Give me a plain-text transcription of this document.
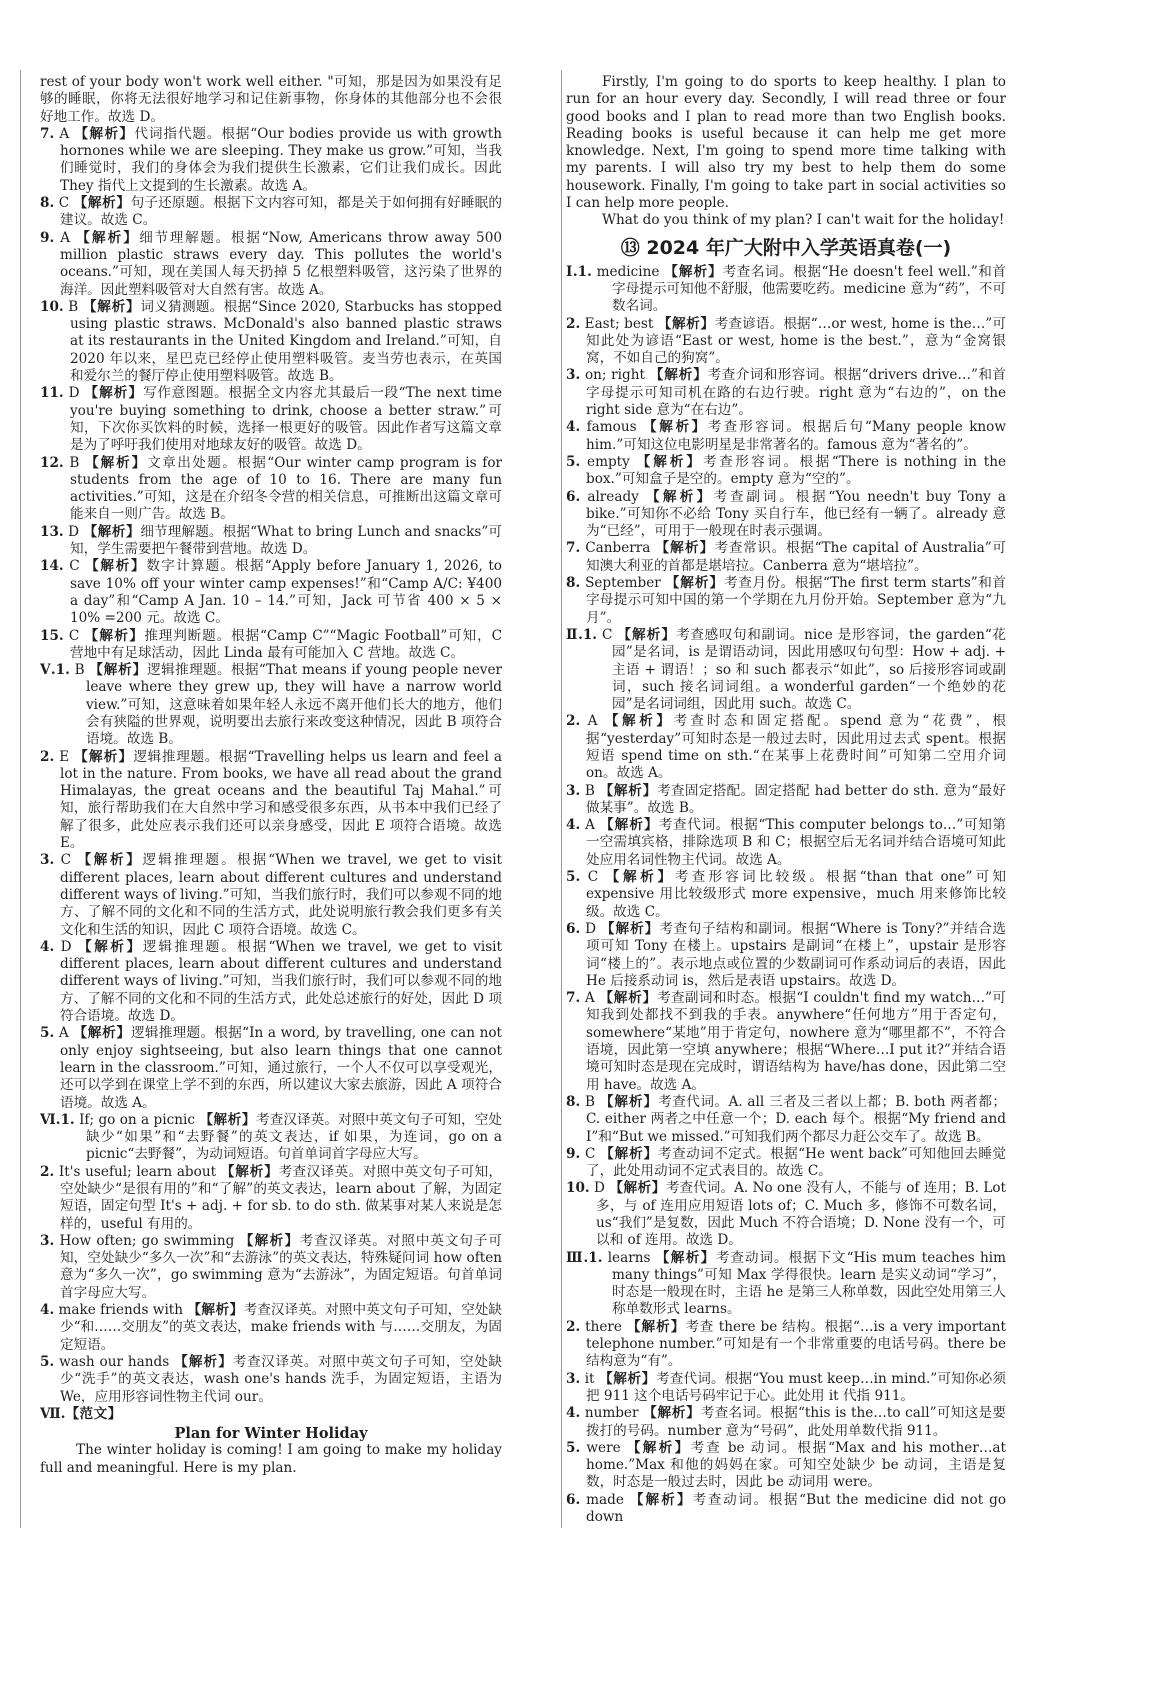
rest of your body won't work well either. "可知，那是因为如果没有足够的睡眠，你将无法很好地学习和记住新事物，你身体的其他部分也不会很好地工作。故选 D。
7. A 【解析】代词指代题。根据“Our bodies provide us with growth hornones while we are sleeping. They make us grow.”可知，当我们睡觉时，我们的身体会为我们提供生长激素，它们让我们成长。因此 They 指代上文提到的生长激素。故选 A。
8. C 【解析】句子还原题。根据下文内容可知，都是关于如何拥有好睡眠的建议。故选 C。
9. A 【解析】细节理解题。根据“Now, Americans throw away 500 million plastic straws every day. This pollutes the world's oceans.”可知，现在美国人每天扔掉 5 亿根塑料吸管，这污染了世界的海洋。因此塑料吸管对大自然有害。故选 A。
10. B 【解析】词义猜测题。根据“Since 2020, Starbucks has stopped using plastic straws. McDonald's also banned plastic straws at its restaurants in the United Kingdom and Ireland.”可知，自 2020 年以来，星巴克已经停止使用塑料吸管。麦当劳也表示，在英国和爱尔兰的餐厅停止使用塑料吸管。故选 B。
11. D 【解析】写作意图题。根据全文内容尤其最后一段“The next time you're buying something to drink, choose a better straw.”可知，下次你买饮料的时候，选择一根更好的吸管。因此作者写这篇文章是为了呼吁我们使用对地球友好的吸管。故选 D。
12. B 【解析】文章出处题。根据“Our winter camp program is for students from the age of 10 to 16. There are many fun activities.”可知，这是在介绍冬令营的相关信息，可推断出这篇文章可能来自一则广告。故选 B。
13. D 【解析】细节理解题。根据“What to bring Lunch and snacks”可知，学生需要把午餐带到营地。故选 D。
14. C 【解析】数字计算题。根据“Apply before January 1, 2026, to save 10% off your winter camp expenses!”和“Camp A/C: ¥400 a day”和“Camp A Jan. 10 – 14.”可知，Jack 可节省 400 × 5 × 10% =200 元。故选 C。
15. C 【解析】推理判断题。根据“Camp C”“Magic Football”可知，C 营地中有足球活动，因此 Linda 最有可能加入 C 营地。故选 C。
Ⅴ.1. B 【解析】逻辑推理题。根据“That means if young people never leave where they grew up, they will have a narrow world view.”可知，这意味着如果年轻人永远不离开他们长大的地方，他们会有狭隘的世界观，说明要出去旅行来改变这种情况，因此 B 项符合语境。故选 B。
2. E 【解析】逻辑推理题。根据“Travelling helps us learn and feel a lot in the nature. From books, we have all read about the grand Himalayas, the great oceans and the beautiful Taj Mahal.”可知，旅行帮助我们在大自然中学习和感受很多东西，从书本中我们已经了解了很多，此处应表示我们还可以亲身感受，因此 E 项符合语境。故选 E。
3. C 【解析】逻辑推理题。根据“When we travel, we get to visit different places, learn about different cultures and understand different ways of living.”可知，当我们旅行时，我们可以参观不同的地方、了解不同的文化和不同的生活方式，此处说明旅行教会我们更多有关文化和生活的知识，因此 C 项符合语境。故选 C。
4. D 【解析】逻辑推理题。根据“When we travel, we get to visit different places, learn about different cultures and understand different ways of living.”可知，当我们旅行时，我们可以参观不同的地方、了解不同的文化和不同的生活方式，此处总述旅行的好处，因此 D 项符合语境。故选 D。
5. A 【解析】逻辑推理题。根据“In a word, by travelling, one can not only enjoy sightseeing, but also learn things that one cannot learn in the classroom.”可知，通过旅行，一个人不仅可以享受观光，还可以学到在课堂上学不到的东西，所以建议大家去旅游，因此 A 项符合语境。故选 A。
Ⅵ.1. If; go on a picnic 【解析】考查汉译英。对照中英文句子可知，空处缺少“如果”和“去野餐”的英文表达，if 如果，为连词，go on a picnic“去野餐”，为动词短语。句首单词首字母应大写。
2. It's useful; learn about 【解析】考查汉译英。对照中英文句子可知，空处缺少“是很有用的”和“了解”的英文表达，learn about 了解，为固定短语，固定句型 It's + adj. + for sb. to do sth. 做某事对某人来说是怎样的，useful 有用的。
3. How often; go swimming 【解析】考查汉译英。对照中英文句子可知，空处缺少“多久一次”和“去游泳”的英文表达，特殊疑问词 how often 意为“多久一次”，go swimming 意为“去游泳”，为固定短语。句首单词首字母应大写。
4. make friends with 【解析】考查汉译英。对照中英文句子可知，空处缺少“和……交朋友”的英文表达，make friends with 与……交朋友，为固定短语。
5. wash our hands 【解析】考查汉译英。对照中英文句子可知，空处缺少“洗手”的英文表达，wash one's hands 洗手，为固定短语，主语为 We，应用形容词性物主代词 our。
Ⅶ.【范文】
Plan for Winter Holiday
The winter holiday is coming! I am going to make my holiday full and meaningful. Here is my plan.
Firstly, I'm going to do sports to keep healthy. I plan to run for an hour every day. Secondly, I will read three or four good books and I plan to read more than two English books. Reading books is useful because it can help me get more knowledge. Next, I'm going to spend more time talking with my parents. I will also try my best to help them do some housework. Finally, I'm going to take part in social activities so I can help more people.
What do you think of my plan? I can't wait for the holiday!
⑬ 2024 年广大附中入学英语真卷(一)
Ⅰ.1. medicine 【解析】考查名词。根据“He doesn't feel well.”和首字母提示可知他不舒服，他需要吃药。medicine 意为“药”，不可数名词。
2. East; best 【解析】考查谚语。根据“…or west, home is the…”可知此处为谚语“East or west, home is the best.”，意为“金窝银窝，不如自己的狗窝”。
3. on; right 【解析】考查介词和形容词。根据“drivers drive…”和首字母提示可知司机在路的右边行驶。right 意为“右边的”，on the right side 意为“在右边”。
4. famous 【解析】考查形容词。根据后句“Many people know him.”可知这位电影明星是非常著名的。famous 意为“著名的”。
5. empty 【解析】考查形容词。根据“There is nothing in the box.”可知盒子是空的。empty 意为“空的”。
6. already 【解析】考查副词。根据“You needn't buy Tony a bike.”可知你不必给 Tony 买自行车，他已经有一辆了。already 意为“已经”，可用于一般现在时表示强调。
7. Canberra 【解析】考查常识。根据“The capital of Australia”可知澳大利亚的首都是堪培拉。Canberra 意为“堪培拉”。
8. September 【解析】考查月份。根据“The first term starts”和首字母提示可知中国的第一个学期在九月份开始。September 意为“九月”。
Ⅱ.1. C 【解析】考查感叹句和副词。nice 是形容词，the garden“花园”是名词，is 是谓语动词，因此用感叹句句型：How + adj. + 主语 + 谓语！；so 和 such 都表示“如此”，so 后接形容词或副词，such 接名词词组。a wonderful garden“一个绝妙的花园”是名词词组，因此用 such。故选 C。
2. A 【解析】考查时态和固定搭配。spend 意为“花费”，根据“yesterday”可知时态是一般过去时，因此用过去式 spent。根据短语 spend time on sth.“在某事上花费时间”可知第二空用介词 on。故选 A。
3. B 【解析】考查固定搭配。固定搭配 had better do sth. 意为“最好做某事”。故选 B。
4. A 【解析】考查代词。根据“This computer belongs to…”可知第一空需填宾格，排除选项 B 和 C；根据空后无名词并结合语境可知此处应用名词性物主代词。故选 A。
5. C 【解析】考查形容词比较级。根据“than that one”可知 expensive 用比较级形式 more expensive，much 用来修饰比较级。故选 C。
6. D 【解析】考查句子结构和副词。根据“Where is Tony?”并结合选项可知 Tony 在楼上。upstairs 是副词“在楼上”，upstair 是形容词“楼上的”。表示地点或位置的少数副词可作系动词后的表语，因此 He 后接系动词 is，然后是表语 upstairs。故选 D。
7. A 【解析】考查副词和时态。根据“I couldn't find my watch…”可知我到处都找不到我的手表。anywhere“任何地方”用于否定句，somewhere“某地”用于肯定句，nowhere 意为“哪里都不”，不符合语境，因此第一空填 anywhere；根据“Where…I put it?”并结合语境可知时态是现在完成时，谓语结构为 have/has done，因此第二空用 have。故选 A。
8. B 【解析】考查代词。A. all 三者及三者以上都；B. both 两者都；C. either 两者之中任意一个；D. each 每个。根据“My friend and I”和“But we missed.”可知我们两个都尽力赶公交车了。故选 B。
9. C 【解析】考查动词不定式。根据“He went back”可知他回去睡觉了，此处用动词不定式表目的。故选 C。
10. D 【解析】考查代词。A. No one 没有人，不能与 of 连用；B. Lot 多，与 of 连用应用短语 lots of；C. Much 多，修饰不可数名词，us“我们”是复数，因此 Much 不符合语境；D. None 没有一个，可以和 of 连用。故选 D。
Ⅲ.1. learns 【解析】考查动词。根据下文“His mum teaches him many things”可知 Max 学得很快。learn 是实义动词“学习”，时态是一般现在时，主语 he 是第三人称单数，因此空处用第三人称单数形式 learns。
2. there 【解析】考查 there be 结构。根据“…is a very important telephone number.”可知是有一个非常重要的电话号码。there be 结构意为“有”。
3. it 【解析】考查代词。根据“You must keep…in mind.”可知你必须把 911 这个电话号码牢记于心。此处用 it 代指 911。
4. number 【解析】考查名词。根据“this is the…to call”可知这是要拨打的号码。number 意为“号码”，此处用单数代指 911。
5. were 【解析】考查 be 动词。根据“Max and his mother…at home.”Max 和他的妈妈在家。可知空处缺少 be 动词，主语是复数，时态是一般过去时，因此 be 动词用 were。
6. made 【解析】考查动词。根据“But the medicine did not go down
